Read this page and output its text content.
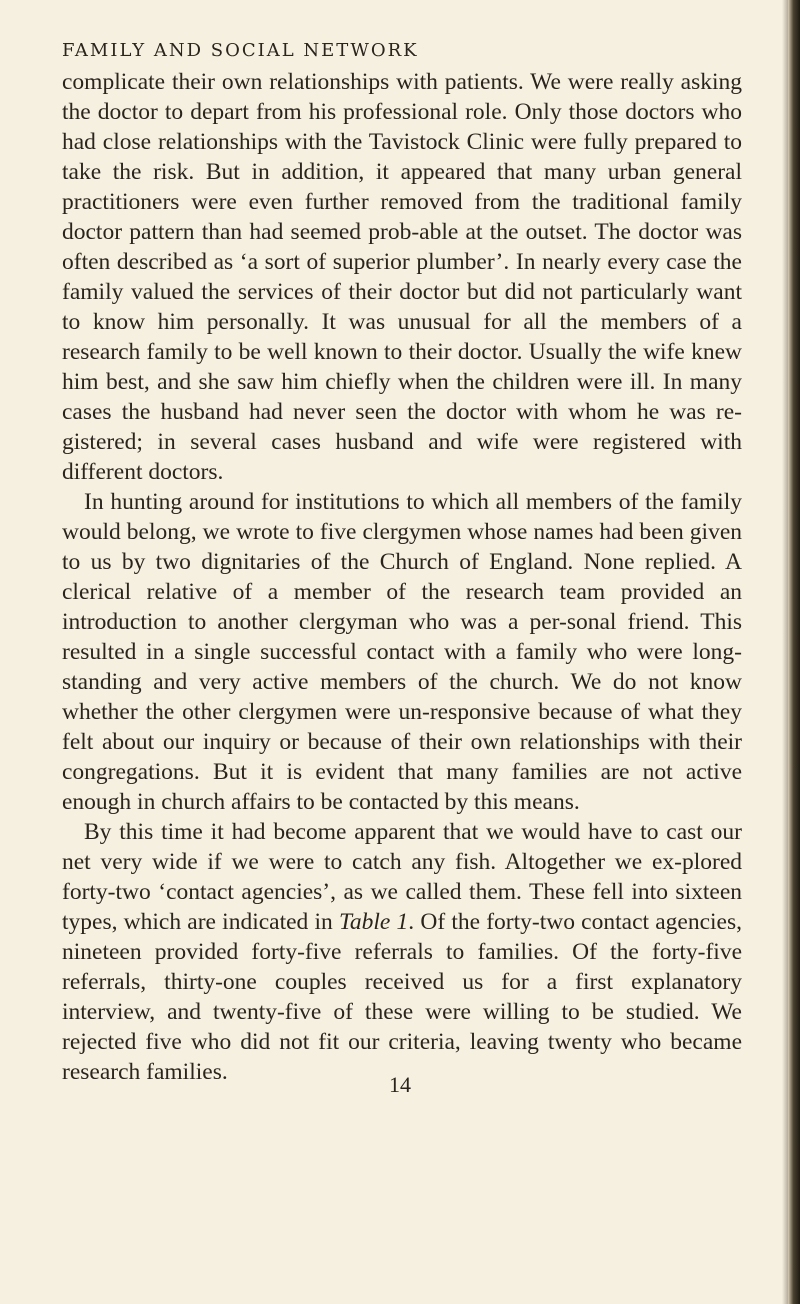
FAMILY AND SOCIAL NETWORK

complicate their own relationships with patients. We were really asking the doctor to depart from his professional role. Only those doctors who had close relationships with the Tavistock Clinic were fully prepared to take the risk. But in addition, it appeared that many urban general practitioners were even further removed from the traditional family doctor pattern than had seemed prob-able at the outset. The doctor was often described as ‘a sort of superior plumber’. In nearly every case the family valued the services of their doctor but did not particularly want to know him personally. It was unusual for all the members of a research family to be well known to their doctor. Usually the wife knew him best, and she saw him chiefly when the children were ill. In many cases the husband had never seen the doctor with whom he was re-gistered; in several cases husband and wife were registered with different doctors.

In hunting around for institutions to which all members of the family would belong, we wrote to five clergymen whose names had been given to us by two dignitaries of the Church of England. None replied. A clerical relative of a member of the research team provided an introduction to another clergyman who was a per-sonal friend. This resulted in a single successful contact with a family who were long-standing and very active members of the church. We do not know whether the other clergymen were un-responsive because of what they felt about our inquiry or because of their own relationships with their congregations. But it is evident that many families are not active enough in church affairs to be contacted by this means.

By this time it had become apparent that we would have to cast our net very wide if we were to catch any fish. Altogether we ex-plored forty-two ‘contact agencies’, as we called them. These fell into sixteen types, which are indicated in Table 1. Of the forty-two contact agencies, nineteen provided forty-five referrals to families. Of the forty-five referrals, thirty-one couples received us for a first explanatory interview, and twenty-five of these were willing to be studied. We rejected five who did not fit our criteria, leaving twenty who became research families.	14
